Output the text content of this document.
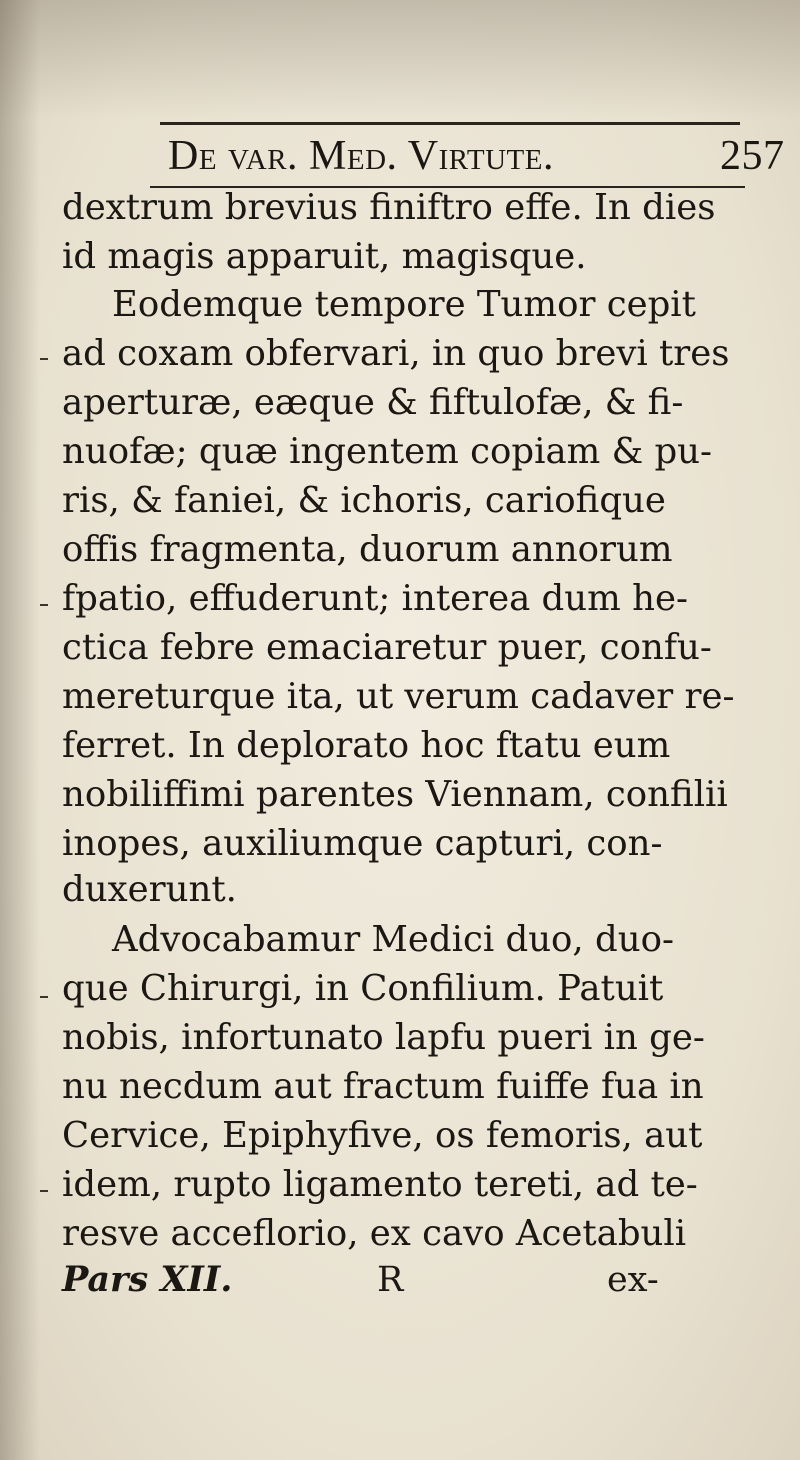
De var. Med. Virtute.	257
dextrum brevius finiftro effe. In dies
id magis apparuit, magisque.
Eodemque tempore Tumor cepit
ad coxam obfervari, in quo brevi tres
aperturæ, eæque & fiftulofæ, & fi-
nuofæ; quæ ingentem copiam & pu-
ris, & faniei, & ichoris, cariofique
offis fragmenta, duorum annorum
fpatio, effuderunt; interea dum he-
ctica febre emaciaretur puer, confu-
mereturque ita, ut verum cadaver re-
ferret. In deplorato hoc ftatu eum
nobiliffimi parentes Viennam, confilii
inopes, auxiliumque capturi, con-
duxerunt.
Advocabamur Medici duo, duo-
que Chirurgi, in Confilium. Patuit
nobis, infortunato lapfu pueri in ge-
nu necdum aut fractum fuiffe fua in
Cervice, Epiphyfive, os femoris, aut
idem, rupto ligamento tereti, ad te-
resve acceflorio, ex cavo Acetabuli
Pars XII.	R	ex-
